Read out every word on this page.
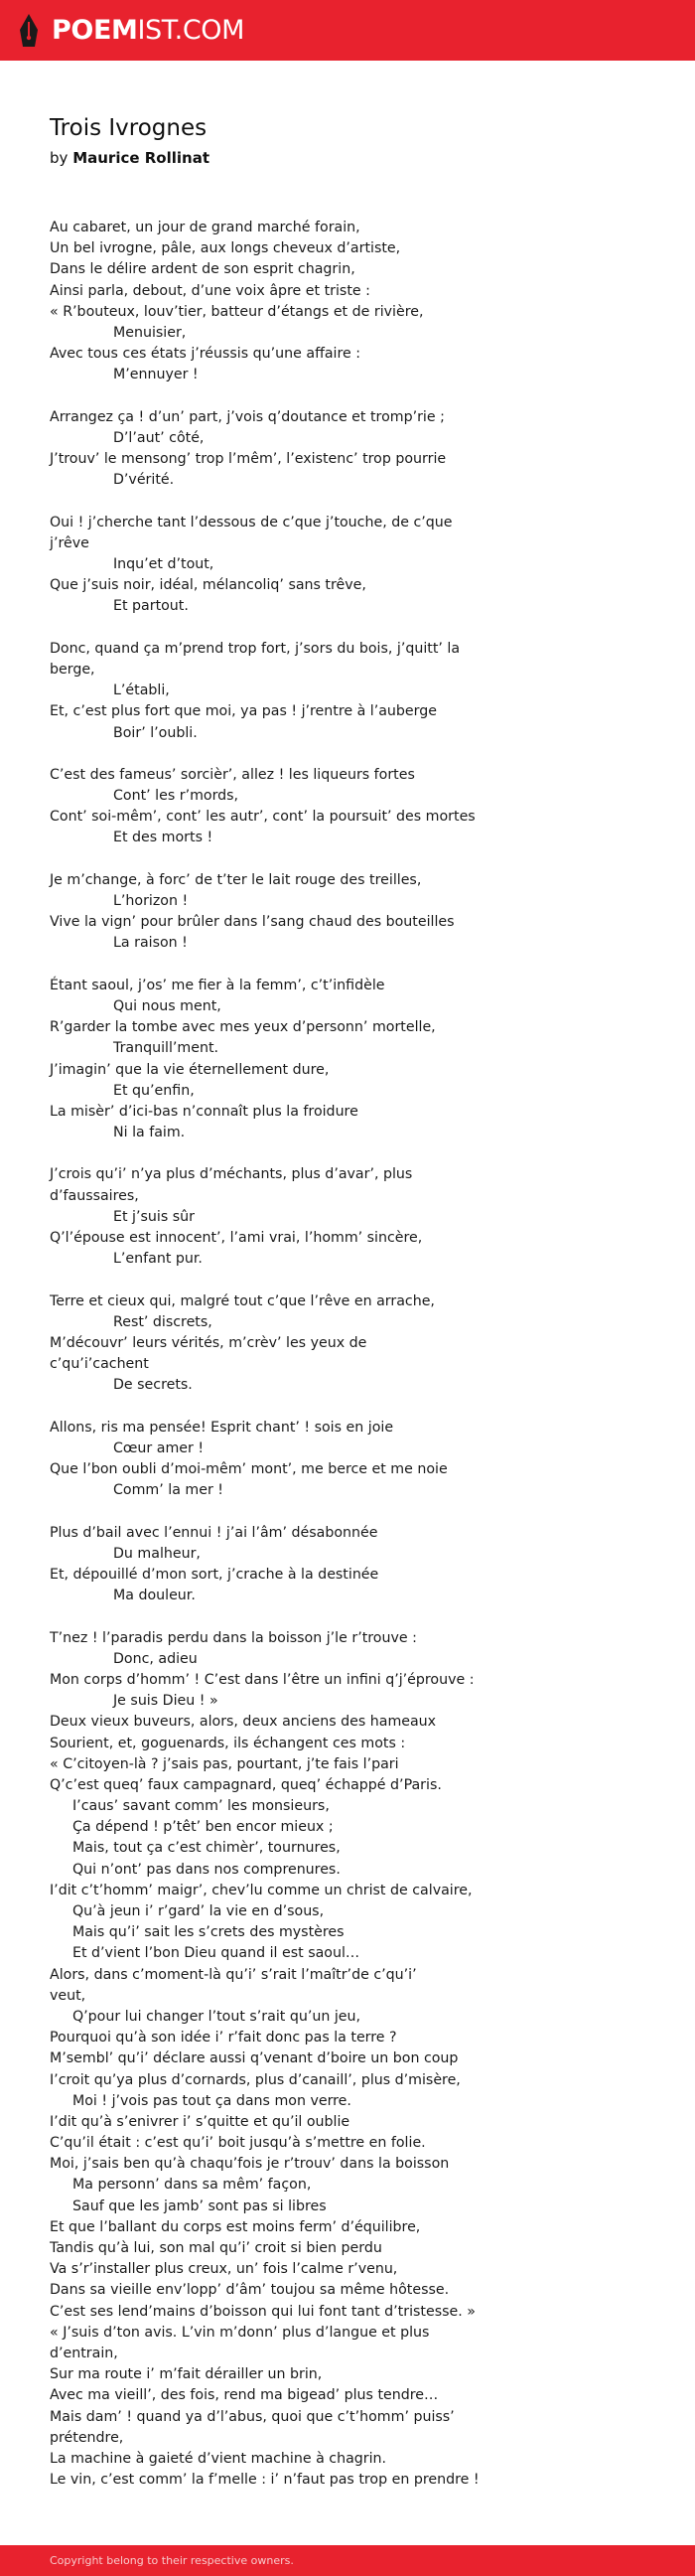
POEMIST.COM
Trois Ivrognes
by Maurice Rollinat
Au cabaret, un jour de grand marché forain,
Un bel ivrogne, pâle, aux longs cheveux d’artiste,
Dans le délire ardent de son esprit chagrin,
Ainsi parla, debout, d’une voix âpre et triste :
« R’bouteux, louv’tier, batteur d’étangs et de rivière,
Menuisier,
Avec tous ces états j’réussis qu’une affaire :
M’ennuyer !
Arrangez ça ! d’un’ part, j’vois q’doutance et tromp’rie ;
D’l’aut’ côté,
J’trouv’ le mensong’ trop l’mêm’, l’existenc’ trop pourrie
D’vérité.
Oui ! j’cherche tant l’dessous de c’que j’touche, de c’que
j’rêve
Inqu’et d’tout,
Que j’suis noir, idéal, mélancoliq’ sans trêve,
Et partout.
Donc, quand ça m’prend trop fort, j’sors du bois, j’quitt’ la
berge,
L’établi,
Et, c’est plus fort que moi, ya pas ! j’rentre à l’auberge
Boir’ l’oubli.
C’est des fameus’ sorcièr’, allez ! les liqueurs fortes
Cont’ les r’mords,
Cont’ soi-mêm’, cont’ les autr’, cont’ la poursuit’ des mortes
Et des morts !
Je m’change, à forc’ de t’ter le lait rouge des treilles,
L’horizon !
Vive la vign’ pour brûler dans l’sang chaud des bouteilles
La raison !
Étant saoul, j’os’ me fier à la femm’, c’t’infidèle
Qui nous ment,
R’garder la tombe avec mes yeux d’personn’ mortelle,
Tranquill’ment.
J’imagin’ que la vie éternellement dure,
Et qu’enfin,
La misèr’ d’ici-bas n’connaît plus la froidure
Ni la faim.
J’crois qu’i’ n’ya plus d’méchants, plus d’avar’, plus
d’faussaires,
Et j’suis sûr
Q’l’épouse est innocent’, l’ami vrai, l’homm’ sincère,
L’enfant pur.
Terre et cieux qui, malgré tout c’que l’rêve en arrache,
Rest’ discrets,
M’découvr’ leurs vérités, m’crèv’ les yeux de
c’qu’i’cachent
De secrets.
Allons, ris ma pensée! Esprit chant’ ! sois en joie
Cœur amer !
Que l’bon oubli d’moi-mêm’ mont’, me berce et me noie
Comm’ la mer !
Plus d’bail avec l’ennui ! j’ai l’âm’ désabonnée
Du malheur,
Et, dépouillé d’mon sort, j’crache à la destinée
Ma douleur.
T’nez ! l’paradis perdu dans la boisson j’le r’trouve :
Donc, adieu
Mon corps d’homm’ ! C’est dans l’être un infini q’j’éprouve :
Je suis Dieu ! »
Deux vieux buveurs, alors, deux anciens des hameaux
Sourient, et, goguenards, ils échangent ces mots :
« C’citoyen-là ? j’sais pas, pourtant, j’te fais l’pari
Q’c’est queq’ faux campagnard, queq’ échappé d’Paris.
I’caus’ savant comm’ les monsieurs,
Ça dépend ! p’têt’ ben encor mieux ;
Mais, tout ça c’est chimèr’, tournures,
Qui n’ont’ pas dans nos comprenures.
I’dit c’t’homm’ maigr’, chev’lu comme un christ de calvaire,
Qu’à jeun i’ r’gard’ la vie en d’sous,
Mais qu’i’ sait les s’crets des mystères
Et d’vient l’bon Dieu quand il est saoul…
Alors, dans c’moment-là qu’i’ s’rait l’maîtr’de c’qu’i’
veut,
Q’pour lui changer l’tout s’rait qu’un jeu,
Pourquoi qu’à son idée i’ r’fait donc pas la terre ?
M’sembl’ qu’i’ déclare aussi q’venant d’boire un bon coup
I’croit qu’ya plus d’cornards, plus d’canaill’, plus d’misère,
Moi ! j’vois pas tout ça dans mon verre.
I’dit qu’à s’enivrer i’ s’quitte et qu’il oublie
C’qu’il était : c’est qu’i’ boit jusqu’à s’mettre en folie.
Moi, j’sais ben qu’à chaqu’fois je r’trouv’ dans la boisson
Ma personn’ dans sa mêm’ façon,
Sauf que les jamb’ sont pas si libres
Et que l’ballant du corps est moins ferm’ d’équilibre,
Tandis qu’à lui, son mal qu’i’ croit si bien perdu
Va s’r’installer plus creux, un’ fois l’calme r’venu,
Dans sa vieille env’lopp’ d’âm’ toujou sa même hôtesse.
C’est ses lend’mains d’boisson qui lui font tant d’tristesse. »
« J’suis d’ton avis. L’vin m’donn’ plus d’langue et plus
d’entrain,
Sur ma route i’ m’fait dérailler un brin,
Avec ma vieill’, des fois, rend ma bigead’ plus tendre…
Mais dam’ ! quand ya d’l’abus, quoi que c’t’homm’ puiss’
prétendre,
La machine à gaieté d’vient machine à chagrin.
Le vin, c’est comm’ la f’melle : i’ n’faut pas trop en prendre !
Copyright belong to their respective owners.
